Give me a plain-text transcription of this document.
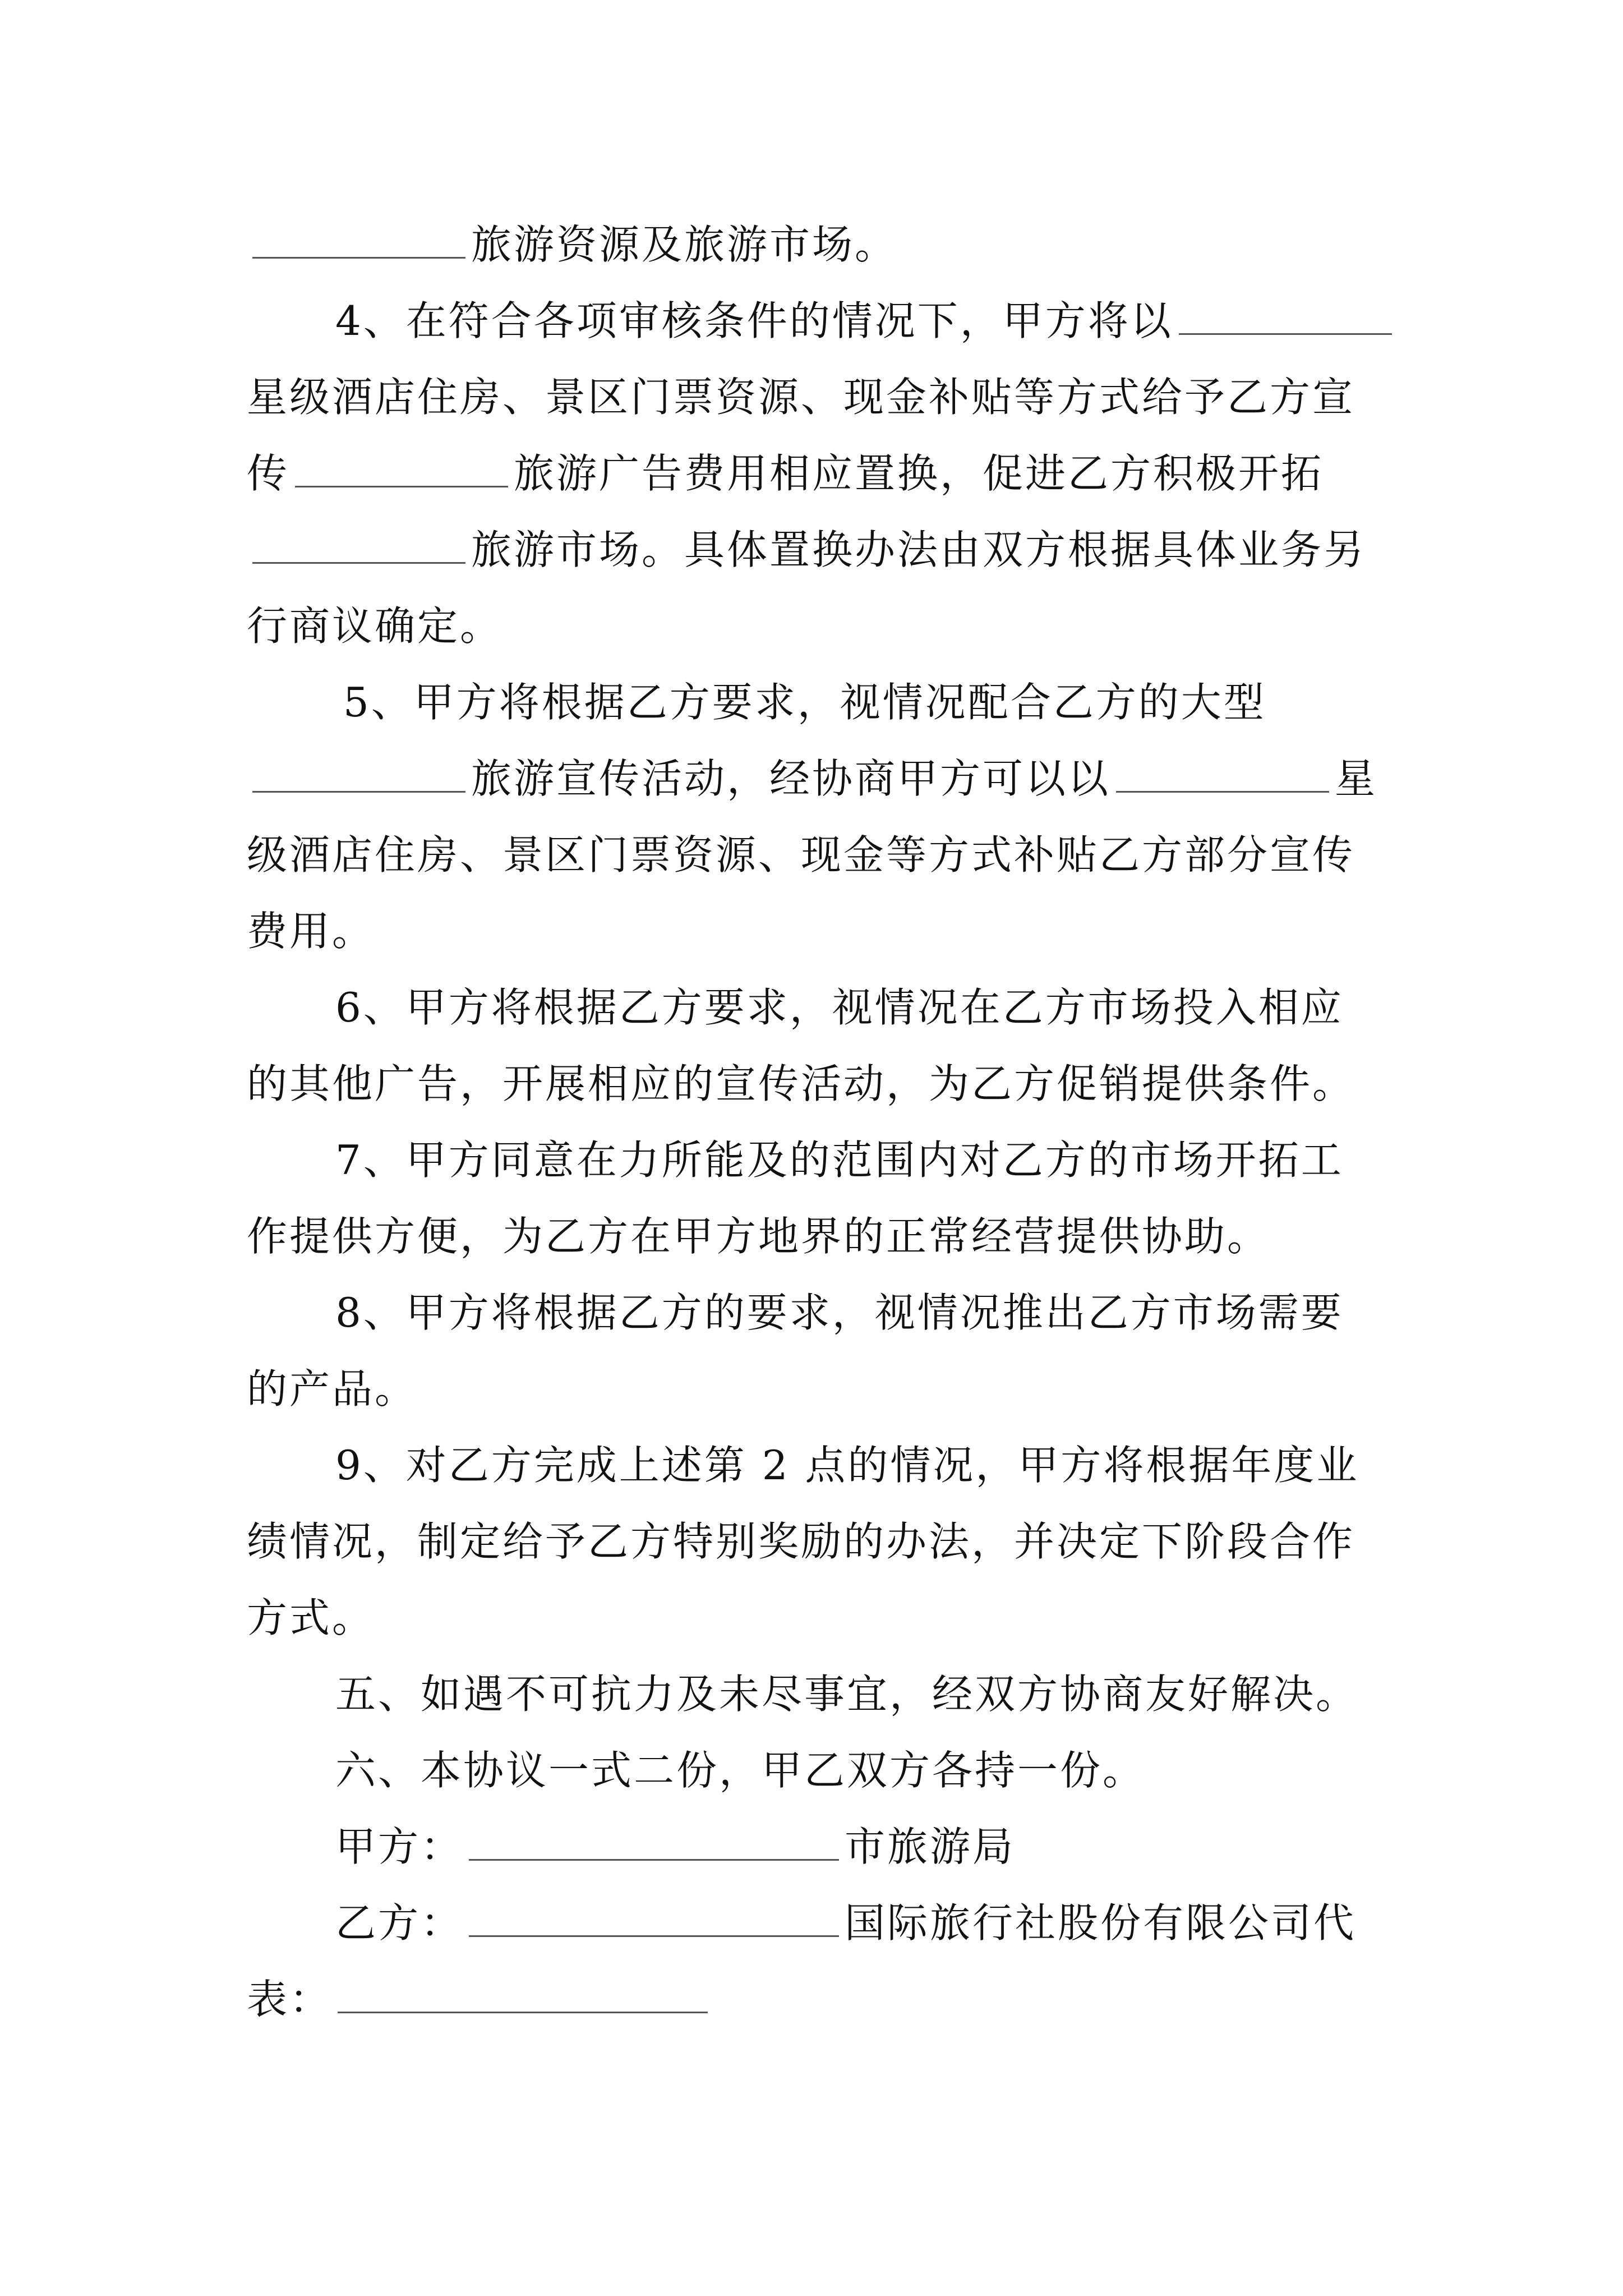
旅游资源及旅游市场。
4、在符合各项审核条件的情况下，甲方将以
星级酒店住房、景区门票资源、现金补贴等方式给予乙方宣
传	旅游广告费用相应置换，促进乙方积极开拓
旅游市场。具体置换办法由双方根据具体业务另
行商议确定。
5、甲方将根据乙方要求，视情况配合乙方的大型
旅游宣传活动，经协商甲方可以以	星
级酒店住房、景区门票资源、现金等方式补贴乙方部分宣传
费用。
6、甲方将根据乙方要求，视情况在乙方市场投入相应
的其他广告，开展相应的宣传活动，为乙方促销提供条件。
7、甲方同意在力所能及的范围内对乙方的市场开拓工
作提供方便，为乙方在甲方地界的正常经营提供协助。
8、甲方将根据乙方的要求，视情况推出乙方市场需要
的产品。
9、对乙方完成上述第 2 点的情况，甲方将根据年度业
绩情况，制定给予乙方特别奖励的办法，并决定下阶段合作
方式。
五、如遇不可抗力及未尽事宜，经双方协商友好解决。
六、本协议一式二份，甲乙双方各持一份。
甲方：	市旅游局
乙方：	国际旅行社股份有限公司代
表：
